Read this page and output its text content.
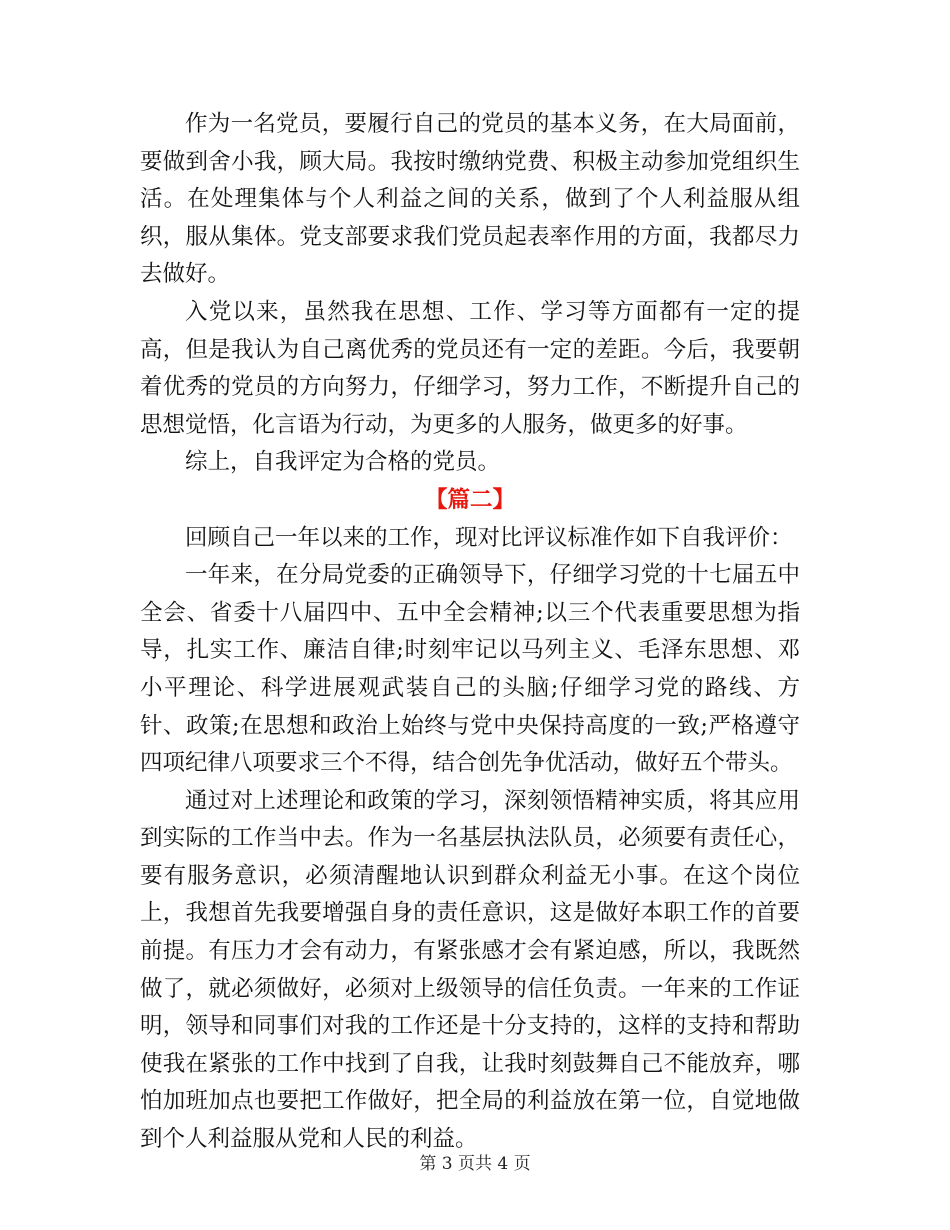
作为一名党员，要履行自己的党员的基本义务，在大局面前，要做到舍小我，顾大局。我按时缴纳党费、积极主动参加党组织生活。在处理集体与个人利益之间的关系，做到了个人利益服从组织，服从集体。党支部要求我们党员起表率作用的方面，我都尽力去做好。

入党以来，虽然我在思想、工作、学习等方面都有一定的提高，但是我认为自己离优秀的党员还有一定的差距。今后，我要朝着优秀的党员的方向努力，仔细学习，努力工作，不断提升自己的思想觉悟，化言语为行动，为更多的人服务，做更多的好事。

综上，自我评定为合格的党员。

【篇二】

回顾自己一年以来的工作，现对比评议标准作如下自我评价：

一年来，在分局党委的正确领导下，仔细学习党的十七届五中全会、省委十八届四中、五中全会精神;以三个代表重要思想为指导，扎实工作、廉洁自律;时刻牢记以马列主义、毛泽东思想、邓小平理论、科学进展观武装自己的头脑;仔细学习党的路线、方针、政策;在思想和政治上始终与党中央保持高度的一致;严格遵守四项纪律八项要求三个不得，结合创先争优活动，做好五个带头。

通过对上述理论和政策的学习，深刻领悟精神实质，将其应用到实际的工作当中去。作为一名基层执法队员，必须要有责任心，要有服务意识，必须清醒地认识到群众利益无小事。在这个岗位上，我想首先我要增强自身的责任意识，这是做好本职工作的首要前提。有压力才会有动力，有紧张感才会有紧迫感，所以，我既然做了，就必须做好，必须对上级领导的信任负责。一年来的工作证明，领导和同事们对我的工作还是十分支持的，这样的支持和帮助使我在紧张的工作中找到了自我，让我时刻鼓舞自己不能放弃，哪怕加班加点也要把工作做好，把全局的利益放在第一位，自觉地做到个人利益服从党和人民的利益。

第 3 页共 4 页
